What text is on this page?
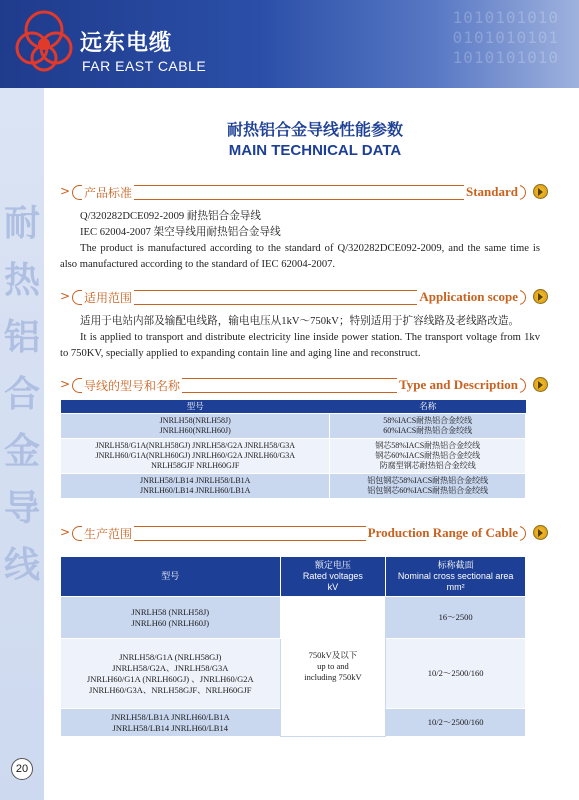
1010101010
0101010101
1010101010
远东电缆
FAR EAST CABLE
耐
热
铝
合
金
导
线
20
耐热铝合金导线性能参数
MAIN TECHNICAL DATA
> 产品标准	Standard

Q/320282DCE092-2009 耐热铝合金导线

IEC 62004-2007 架空导线用耐热铝合金导线

The product is manufactured according to the standard of Q/320282DCE092-2009, and the same time is also manufactured according to the standard of IEC 62004-2007.

> 适用范围	Application scope

适用于电站内部及输配电线路，输电电压从1kV～750kV；特别适用于扩容线路及老线路改造。

It is applied to transport and distribute electricity line inside power station. The transport voltage from 1kv to 750KV, specially applied to expanding contain line and aging line and reconstruct.

> 导线的型号和名称	Type and Description
型号	名称
JNRLH58(NRLH58J)
JNRLH60(NRLH60J)	58%IACS耐热铝合金绞线
60%IACS耐热铝合金绞线
JNRLH58/G1A(NRLH58GJ) JNRLH58/G2A JNRLH58/G3A
JNRLH60/G1A(NRLH60GJ) JNRLH60/G2A JNRLH60/G3A
NRLH58GJF NRLH60GJF	钢芯58%IACS耐热铝合金绞线
钢芯60%IACS耐热铝合金绞线
防腐型钢芯耐热铝合金绞线
JNRLH58/LB14 JNRLH58/LB1A
JNRLH60/LB14 JNRLH60/LB1A	铝包钢芯58%IACS耐热铝合金绞线
铝包钢芯60%IACS耐热铝合金绞线
> 生产范围	Production Range of Cable
型号	额定电压
Rated voltages
kV	标称截面
Nominal cross sectional area
mm²
JNRLH58 (NRLH58J)
JNRLH60 (NRLH60J)	750kV及以下
up to and
including 750kV	16～2500
JNRLH58/G1A (NRLH58GJ)
JNRLH58/G2A、JNRLH58/G3A
JNRLH60/G1A (NRLH60GJ) 、JNRLH60/G2A
JNRLH60/G3A、NRLH58GJF、NRLH60GJF		10/2～2500/160
JNRLH58/LB1A JNRLH60/LB1A
JNRLH58/LB14 JNRLH60/LB14		10/2～2500/160
